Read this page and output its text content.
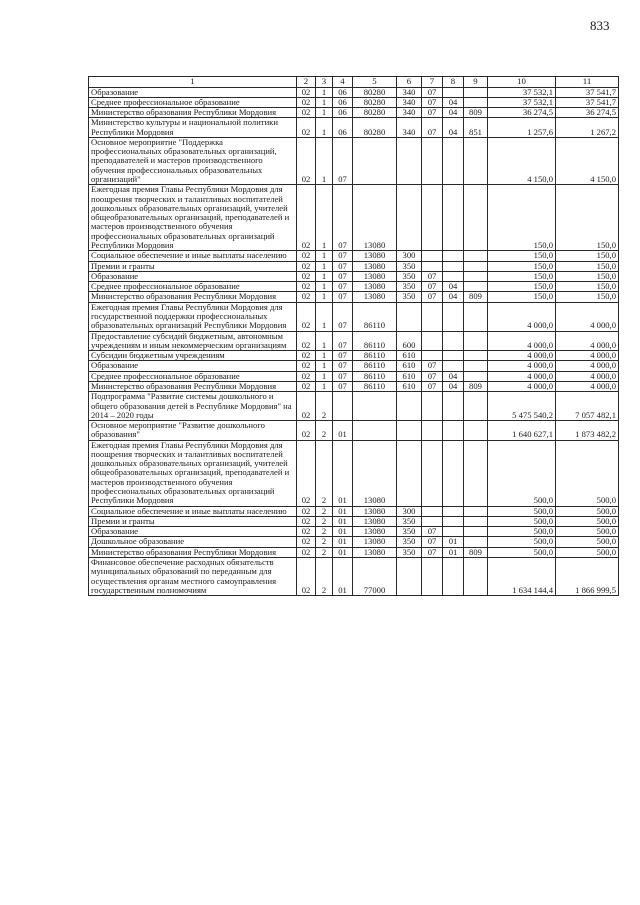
833
1	2	3	4	5	6	7	8	9	10	11
Образование	02	1	06	80280	340	07			37 532,1	37 541,7
Среднее профессиональное образование	02	1	06	80280	340	07	04		37 532,1	37 541,7
Министерство образования Республики Мордовия	02	1	06	80280	340	07	04	809	36 274,5	36 274,5
Министерство культуры и национальной политики Республики Мордовия	02	1	06	80280	340	07	04	851	1 257,6	1 267,2
Основное мероприятие "Поддержка профессиональных образовательных организаций, преподавателей и мастеров производственного обучения профессиональных образовательных организаций"	02	1	07						4 150,0	4 150,0
Ежегодная премия Главы Республики Мордовия для поощрения творческих и талантливых воспитателей дошкольных образовательных организаций, учителей общеобразовательных организаций, преподавателей и мастеров производственного обучения профессиональных образовательных организаций Республики Мордовия	02	1	07	13080					150,0	150,0
Социальное обеспечение и иные выплаты населению	02	1	07	13080	300				150,0	150,0
Премии и гранты	02	1	07	13080	350				150,0	150,0
Образование	02	1	07	13080	350	07			150,0	150,0
Среднее профессиональное образование	02	1	07	13080	350	07	04		150,0	150,0
Министерство образования Республики Мордовия	02	1	07	13080	350	07	04	809	150,0	150,0
Ежегодная премия Главы Республики Мордовия для государственной поддержки профессиональных образовательных организаций Республики Мордовия	02	1	07	86110					4 000,0	4 000,0
Предоставление субсидий бюджетным, автономным учреждениям и иным некоммерческим организациям	02	1	07	86110	600				4 000,0	4 000,0
Субсидии бюджетным учреждениям	02	1	07	86110	610				4 000,0	4 000,0
Образование	02	1	07	86110	610	07			4 000,0	4 000,0
Среднее профессиональное образование	02	1	07	86110	610	07	04		4 000,0	4 000,0
Министерство образования Республики Мордовия	02	1	07	86110	610	07	04	809	4 000,0	4 000,0
Подпрограмма "Развитие системы дошкольного и общего образования детей в Республике Мордовия" на 2014 – 2020 годы	02	2							5 475 540,2	7 057 482,1
Основное мероприятие "Развитие дошкольного образования"	02	2	01						1 640 627,1	1 873 482,2
Ежегодная премия Главы Республики Мордовия для поощрения творческих и талантливых воспитателей дошкольных образовательных организаций, учителей общеобразовательных организаций, преподавателей и мастеров производственного обучения профессиональных образовательных организаций Республики Мордовия	02	2	01	13080					500,0	500,0
Социальное обеспечение и иные выплаты населению	02	2	01	13080	300				500,0	500,0
Премии и гранты	02	2	01	13080	350				500,0	500,0
Образование	02	2	01	13080	350	07			500,0	500,0
Дошкольное образование	02	2	01	13080	350	07	01		500,0	500,0
Министерство образования Республики Мордовия	02	2	01	13080	350	07	01	809	500,0	500,0
Финансовое обеспечение расходных обязательств муниципальных образований по переданным для осуществления органам местного самоуправления государственным полномочиям	02	2	01	77000					1 634 144,4	1 866 999,5
